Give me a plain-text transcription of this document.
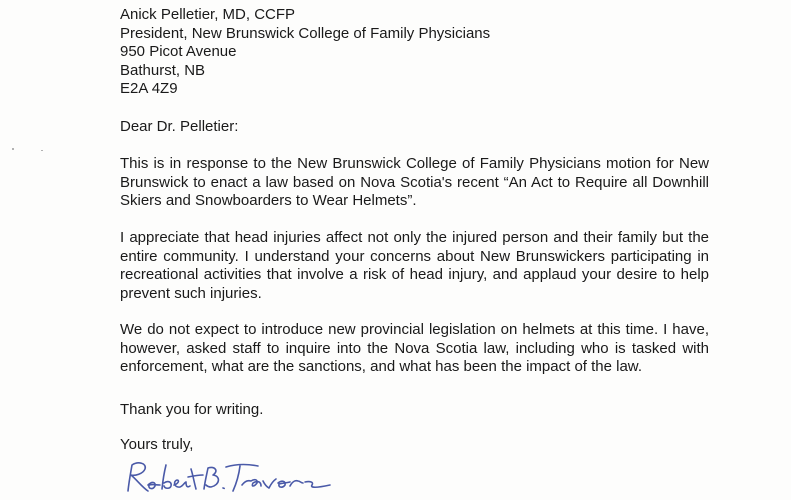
Anick Pelletier, MD, CCFP
President, New Brunswick College of Family Physicians
950 Picot Avenue
Bathurst, NB
E2A 4Z9
Dear Dr. Pelletier:
This is in response to the New Brunswick College of Family Physicians motion for New Brunswick to enact a law based on Nova Scotia's recent “An Act to Require all Downhill Skiers and Snowboarders to Wear Helmets”.
I appreciate that head injuries affect not only the injured person and their family but the entire community. I understand your concerns about New Brunswickers participating in recreational activities that involve a risk of head injury, and applaud your desire to help prevent such injuries.
We do not expect to introduce new provincial legislation on helmets at this time. I have, however, asked staff to inquire into the Nova Scotia law, including who is tasked with enforcement, what are the sanctions, and what has been the impact of the law.
Thank you for writing.
Yours truly,
